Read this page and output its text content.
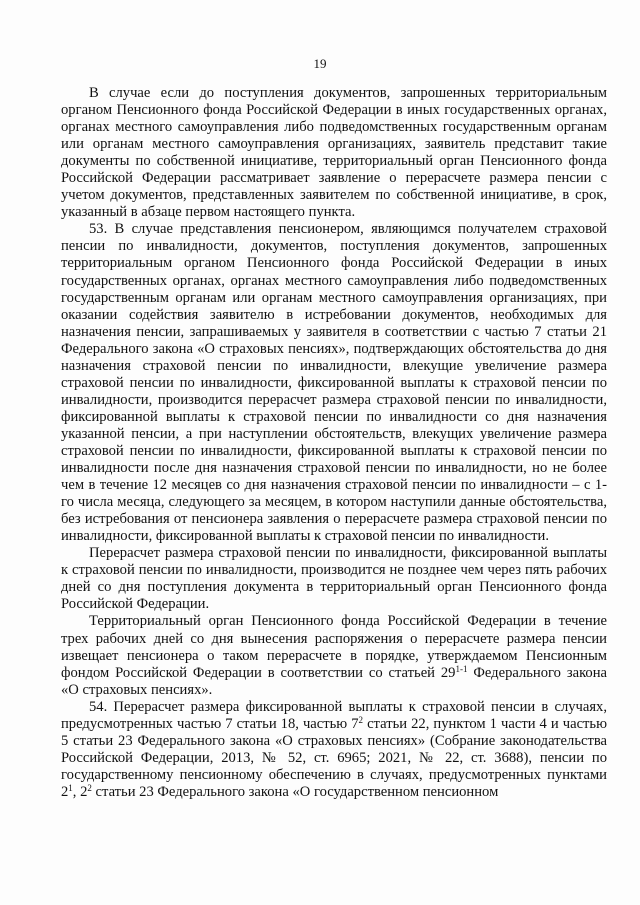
19

В случае если до поступления документов, запрошенных территориальным органом Пенсионного фонда Российской Федерации в иных государственных органах, органах местного самоуправления либо подведомственных государственным органам или органам местного самоуправления организациях, заявитель представит такие документы по собственной инициативе, территориальный орган Пенсионного фонда Российской Федерации рассматривает заявление о перерасчете размера пенсии с учетом документов, представленных заявителем по собственной инициативе, в срок, указанный в абзаце первом настоящего пункта.

53. В случае представления пенсионером, являющимся получателем страховой пенсии по инвалидности, документов, поступления документов, запрошенных территориальным органом Пенсионного фонда Российской Федерации в иных государственных органах, органах местного самоуправления либо подведомственных государственным органам или органам местного самоуправления организациях, при оказании содействия заявителю в истребовании документов, необходимых для назначения пенсии, запрашиваемых у заявителя в соответствии с частью 7 статьи 21 Федерального закона «О страховых пенсиях», подтверждающих обстоятельства до дня назначения страховой пенсии по инвалидности, влекущие увеличение размера страховой пенсии по инвалидности, фиксированной выплаты к страховой пенсии по инвалидности, производится перерасчет размера страховой пенсии по инвалидности, фиксированной выплаты к страховой пенсии по инвалидности со дня назначения указанной пенсии, а при наступлении обстоятельств, влекущих увеличение размера страховой пенсии по инвалидности, фиксированной выплаты к страховой пенсии по инвалидности после дня назначения страховой пенсии по инвалидности, но не более чем в течение 12 месяцев со дня назначения страховой пенсии по инвалидности – с 1-го числа месяца, следующего за месяцем, в котором наступили данные обстоятельства, без истребования от пенсионера заявления о перерасчете размера страховой пенсии по инвалидности, фиксированной выплаты к страховой пенсии по инвалидности.

Перерасчет размера страховой пенсии по инвалидности, фиксированной выплаты к страховой пенсии по инвалидности, производится не позднее чем через пять рабочих дней со дня поступления документа в территориальный орган Пенсионного фонда Российской Федерации.

Территориальный орган Пенсионного фонда Российской Федерации в течение трех рабочих дней со дня вынесения распоряжения о перерасчете размера пенсии извещает пенсионера о таком перерасчете в порядке, утверждаемом Пенсионным фондом Российской Федерации в соответствии со статьей 29$^{1-1}$ Федерального закона «О страховых пенсиях».

54. Перерасчет размера фиксированной выплаты к страховой пенсии в случаях, предусмотренных частью 7 статьи 18, частью $7^2$ статьи 22, пунктом 1 части 4 и частью 5 статьи 23 Федерального закона «О страховых пенсиях» (Собрание законодательства Российской Федерации, 2013, № 52, ст. 6965; 2021, № 22, ст. 3688), пенсии по государственному пенсионному обеспечению в случаях, предусмотренных пунктами $2^1$, $2^2$ статьи 23 Федерального закона «О государственном пенсионном
